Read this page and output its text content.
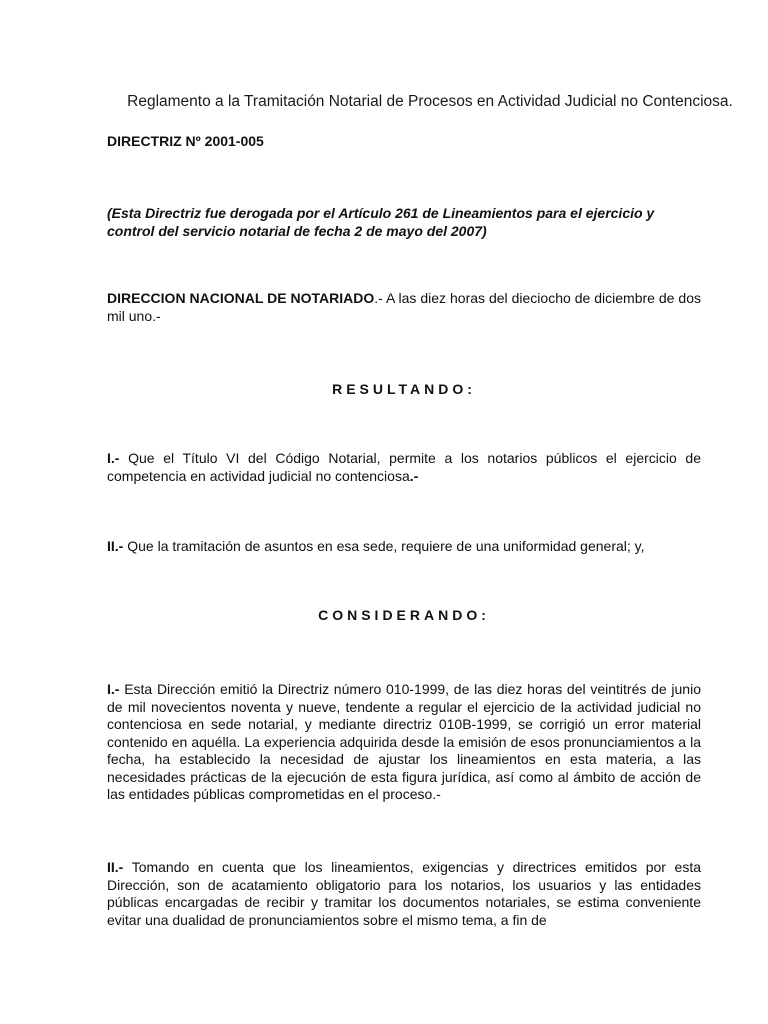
Reglamento a la Tramitación Notarial de Procesos en Actividad Judicial no Contenciosa.
DIRECTRIZ Nº 2001-005
(Esta Directriz fue derogada por el Artículo 261 de Lineamientos para el ejercicio y control del servicio notarial de fecha 2 de mayo del 2007)
DIRECCION NACIONAL DE NOTARIADO.- A las diez horas del dieciocho de diciembre de dos mil uno.-
RESULTANDO:
I.- Que el Título VI del Código Notarial, permite a los notarios públicos el ejercicio de competencia en actividad judicial no contenciosa.-
II.- Que la tramitación de asuntos en esa sede, requiere de una uniformidad general; y,
CONSIDERANDO:
I.- Esta Dirección emitió la Directriz número 010-1999, de las diez horas del veintitrés de junio de mil novecientos noventa y nueve, tendente a regular el ejercicio de la actividad judicial no contenciosa en sede notarial, y mediante directriz 010B-1999, se corrigió un error material contenido en aquélla. La experiencia adquirida desde la emisión de esos pronunciamientos a la fecha, ha establecido la necesidad de ajustar los lineamientos en esta materia, a las necesidades prácticas de la ejecución de esta figura jurídica, así como al ámbito de acción de las entidades públicas comprometidas en el proceso.-
II.- Tomando en cuenta que los lineamientos, exigencias y directrices emitidos por esta Dirección, son de acatamiento obligatorio para los notarios, los usuarios y las entidades públicas encargadas de recibir y tramitar los documentos notariales, se estima conveniente evitar una dualidad de pronunciamientos sobre el mismo tema, a fin de
